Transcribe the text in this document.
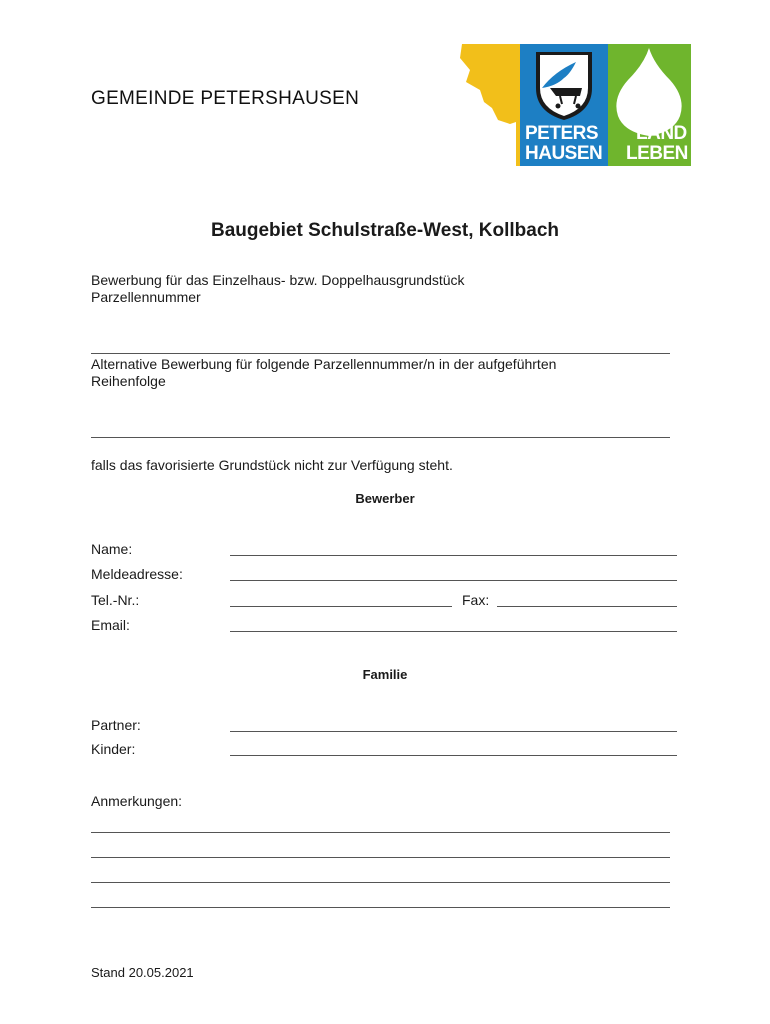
GEMEINDE PETERSHAUSEN
STADT
LUST
PETERS
HAUSEN
LAND
LEBEN
Baugebiet Schulstraße-West, Kollbach
Bewerbung für das Einzelhaus- bzw. Doppelhausgrundstück
Parzellennummer
Alternative Bewerbung für folgende Parzellennummer/n in der aufgeführten
Reihenfolge
falls das favorisierte Grundstück nicht zur Verfügung steht.
Bewerber
Name:
Meldeadresse:
Tel.-Nr.:	Fax:
Email:
Familie
Partner:
Kinder:
Anmerkungen:
Stand 20.05.2021
